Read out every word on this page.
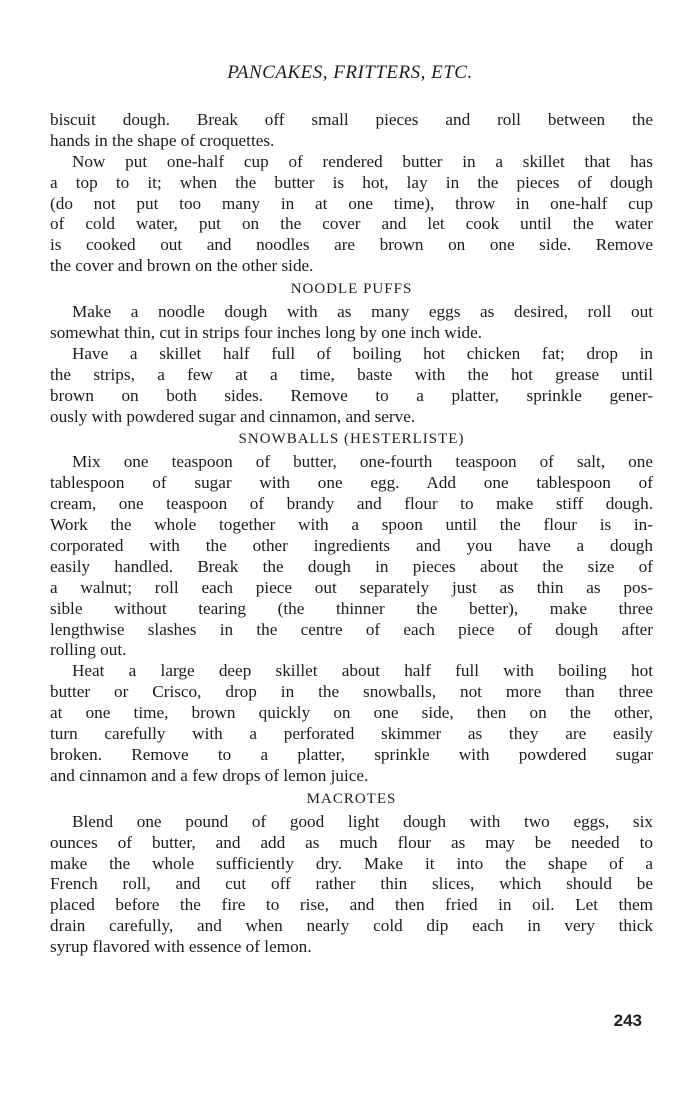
PANCAKES, FRITTERS, ETC.
biscuit dough. Break off small pieces and roll between the
hands in the shape of croquettes.
Now put one-half cup of rendered butter in a skillet that has
a top to it; when the butter is hot, lay in the pieces of dough
(do not put too many in at one time), throw in one-half cup
of cold water, put on the cover and let cook until the water
is cooked out and noodles are brown on one side. Remove
the cover and brown on the other side.
NOODLE PUFFS
Make a noodle dough with as many eggs as desired, roll out
somewhat thin, cut in strips four inches long by one inch wide.
Have a skillet half full of boiling hot chicken fat; drop in
the strips, a few at a time, baste with the hot grease until
brown on both sides. Remove to a platter, sprinkle gener-
ously with powdered sugar and cinnamon, and serve.
SNOWBALLS (HESTERLISTE)
Mix one teaspoon of butter, one-fourth teaspoon of salt, one
tablespoon of sugar with one egg. Add one tablespoon of
cream, one teaspoon of brandy and flour to make stiff dough.
Work the whole together with a spoon until the flour is in-
corporated with the other ingredients and you have a dough
easily handled. Break the dough in pieces about the size of
a walnut; roll each piece out separately just as thin as pos-
sible without tearing (the thinner the better), make three
lengthwise slashes in the centre of each piece of dough after
rolling out.
Heat a large deep skillet about half full with boiling hot
butter or Crisco, drop in the snowballs, not more than three
at one time, brown quickly on one side, then on the other,
turn carefully with a perforated skimmer as they are easily
broken. Remove to a platter, sprinkle with powdered sugar
and cinnamon and a few drops of lemon juice.
MACROTES
Blend one pound of good light dough with two eggs, six
ounces of butter, and add as much flour as may be needed to
make the whole sufficiently dry. Make it into the shape of a
French roll, and cut off rather thin slices, which should be
placed before the fire to rise, and then fried in oil. Let them
drain carefully, and when nearly cold dip each in very thick
syrup flavored with essence of lemon.
243
